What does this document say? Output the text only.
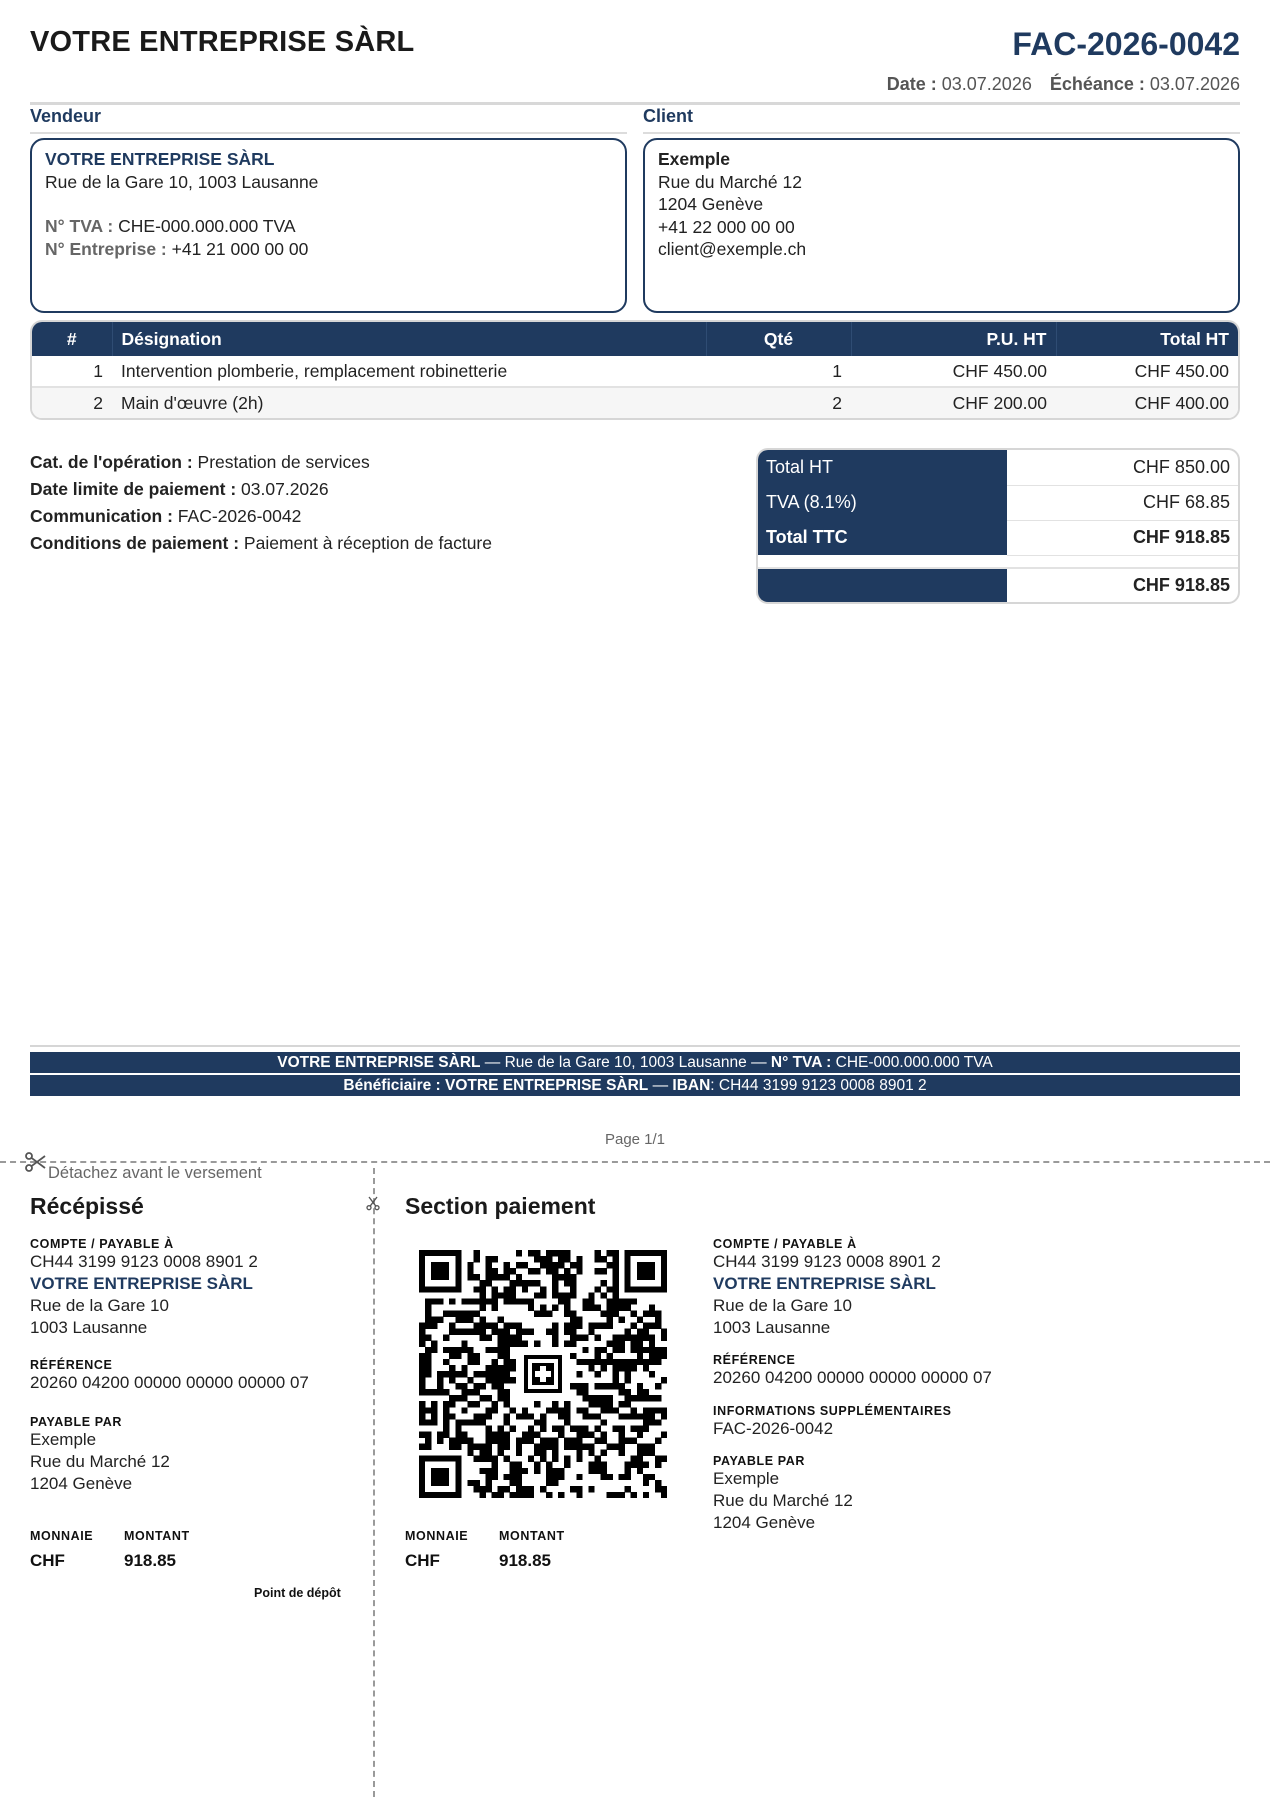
VOTRE ENTREPRISE SÀRL	FAC-2026-0042
Date : 03.07.2026 Échéance : 03.07.2026
Vendeur	Client
VOTRE ENTREPRISE SÀRL
Rue de la Gare 10, 1003 Lausanne
N° TVA : CHE-000.000.000 TVA
N° Entreprise : +41 21 000 00 00
Exemple
Rue du Marché 12
1204 Genève
+41 22 000 00 00
client@exemple.ch
#	Désignation	Qté	P.U. HT	Total HT
1	Intervention plomberie, remplacement robinetterie	1	CHF 450.00	CHF 450.00
2	Main d'œuvre (2h)	2	CHF 200.00	CHF 400.00
Cat. de l'opération : Prestation de services
Date limite de paiement : 03.07.2026
Communication : FAC-2026-0042
Conditions de paiement : Paiement à réception de facture
Total HT	CHF 850.00
TVA (8.1%)	CHF 68.85
Total TTC	CHF 918.85

	CHF 918.85
VOTRE ENTREPRISE SÀRL — Rue de la Gare 10, 1003 Lausanne — N° TVA : CHE-000.000.000 TVA
Bénéficiaire : VOTRE ENTREPRISE SÀRL — IBAN: CH44 3199 9123 0008 8901 2
Page 1/1
Détachez avant le versement
Récépissé
COMPTE / PAYABLE À
CH44 3199 9123 0008 8901 2
VOTRE ENTREPRISE SÀRL
Rue de la Gare 10
1003 Lausanne
RÉFÉRENCE
20260 04200 00000 00000 00000 07
PAYABLE PAR
Exemple
Rue du Marché 12
1204 Genève
MONNAIE MONTANT
CHF	918.85
Point de dépôt
Section paiement
MONNAIE MONTANT
CHF	918.85
COMPTE / PAYABLE À
CH44 3199 9123 0008 8901 2
VOTRE ENTREPRISE SÀRL
Rue de la Gare 10
1003 Lausanne
RÉFÉRENCE
20260 04200 00000 00000 00000 07
INFORMATIONS SUPPLÉMENTAIRES
FAC-2026-0042
PAYABLE PAR
Exemple
Rue du Marché 12
1204 Genève
